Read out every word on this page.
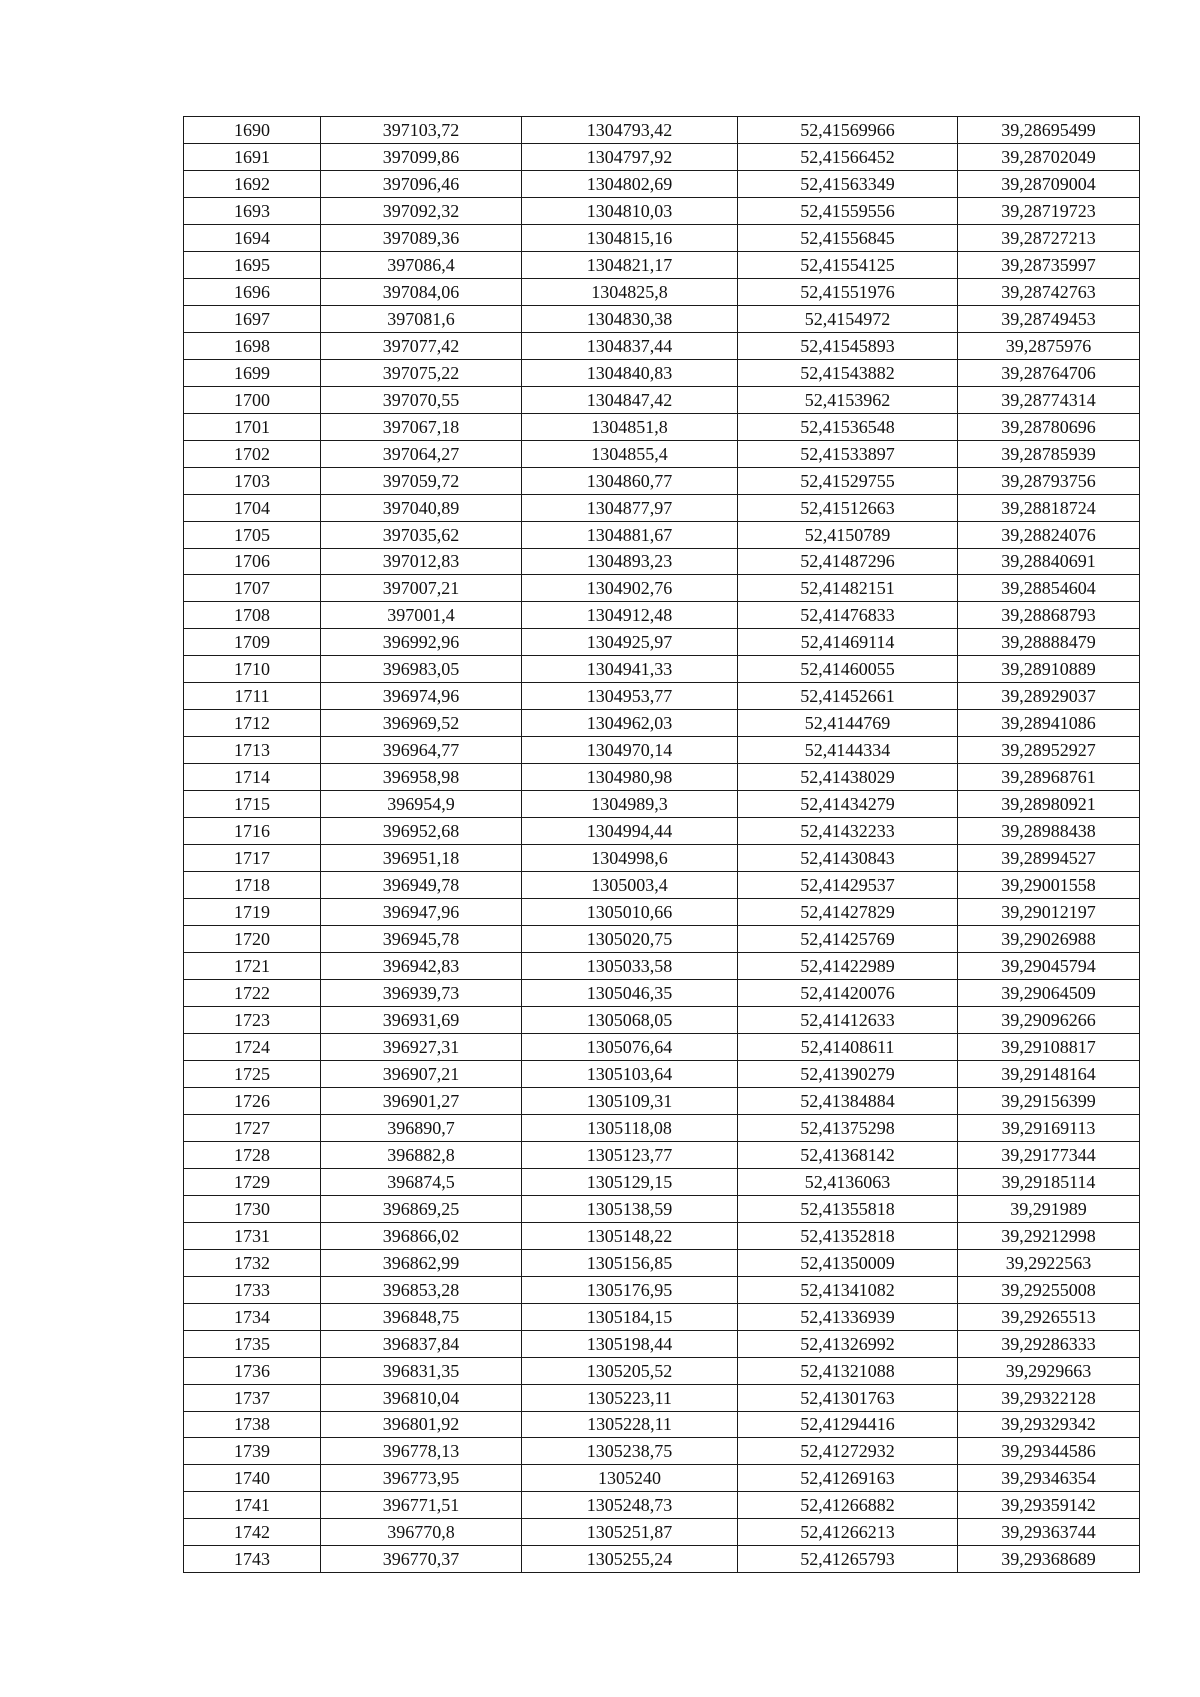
1690	397103,72	1304793,42	52,41569966	39,28695499
1691	397099,86	1304797,92	52,41566452	39,28702049
1692	397096,46	1304802,69	52,41563349	39,28709004
1693	397092,32	1304810,03	52,41559556	39,28719723
1694	397089,36	1304815,16	52,41556845	39,28727213
1695	397086,4	1304821,17	52,41554125	39,28735997
1696	397084,06	1304825,8	52,41551976	39,28742763
1697	397081,6	1304830,38	52,4154972	39,28749453
1698	397077,42	1304837,44	52,41545893	39,2875976
1699	397075,22	1304840,83	52,41543882	39,28764706
1700	397070,55	1304847,42	52,4153962	39,28774314
1701	397067,18	1304851,8	52,41536548	39,28780696
1702	397064,27	1304855,4	52,41533897	39,28785939
1703	397059,72	1304860,77	52,41529755	39,28793756
1704	397040,89	1304877,97	52,41512663	39,28818724
1705	397035,62	1304881,67	52,4150789	39,28824076
1706	397012,83	1304893,23	52,41487296	39,28840691
1707	397007,21	1304902,76	52,41482151	39,28854604
1708	397001,4	1304912,48	52,41476833	39,28868793
1709	396992,96	1304925,97	52,41469114	39,28888479
1710	396983,05	1304941,33	52,41460055	39,28910889
1711	396974,96	1304953,77	52,41452661	39,28929037
1712	396969,52	1304962,03	52,4144769	39,28941086
1713	396964,77	1304970,14	52,4144334	39,28952927
1714	396958,98	1304980,98	52,41438029	39,28968761
1715	396954,9	1304989,3	52,41434279	39,28980921
1716	396952,68	1304994,44	52,41432233	39,28988438
1717	396951,18	1304998,6	52,41430843	39,28994527
1718	396949,78	1305003,4	52,41429537	39,29001558
1719	396947,96	1305010,66	52,41427829	39,29012197
1720	396945,78	1305020,75	52,41425769	39,29026988
1721	396942,83	1305033,58	52,41422989	39,29045794
1722	396939,73	1305046,35	52,41420076	39,29064509
1723	396931,69	1305068,05	52,41412633	39,29096266
1724	396927,31	1305076,64	52,41408611	39,29108817
1725	396907,21	1305103,64	52,41390279	39,29148164
1726	396901,27	1305109,31	52,41384884	39,29156399
1727	396890,7	1305118,08	52,41375298	39,29169113
1728	396882,8	1305123,77	52,41368142	39,29177344
1729	396874,5	1305129,15	52,4136063	39,29185114
1730	396869,25	1305138,59	52,41355818	39,291989
1731	396866,02	1305148,22	52,41352818	39,29212998
1732	396862,99	1305156,85	52,41350009	39,2922563
1733	396853,28	1305176,95	52,41341082	39,29255008
1734	396848,75	1305184,15	52,41336939	39,29265513
1735	396837,84	1305198,44	52,41326992	39,29286333
1736	396831,35	1305205,52	52,41321088	39,2929663
1737	396810,04	1305223,11	52,41301763	39,29322128
1738	396801,92	1305228,11	52,41294416	39,29329342
1739	396778,13	1305238,75	52,41272932	39,29344586
1740	396773,95	1305240	52,41269163	39,29346354
1741	396771,51	1305248,73	52,41266882	39,29359142
1742	396770,8	1305251,87	52,41266213	39,29363744
1743	396770,37	1305255,24	52,41265793	39,29368689
